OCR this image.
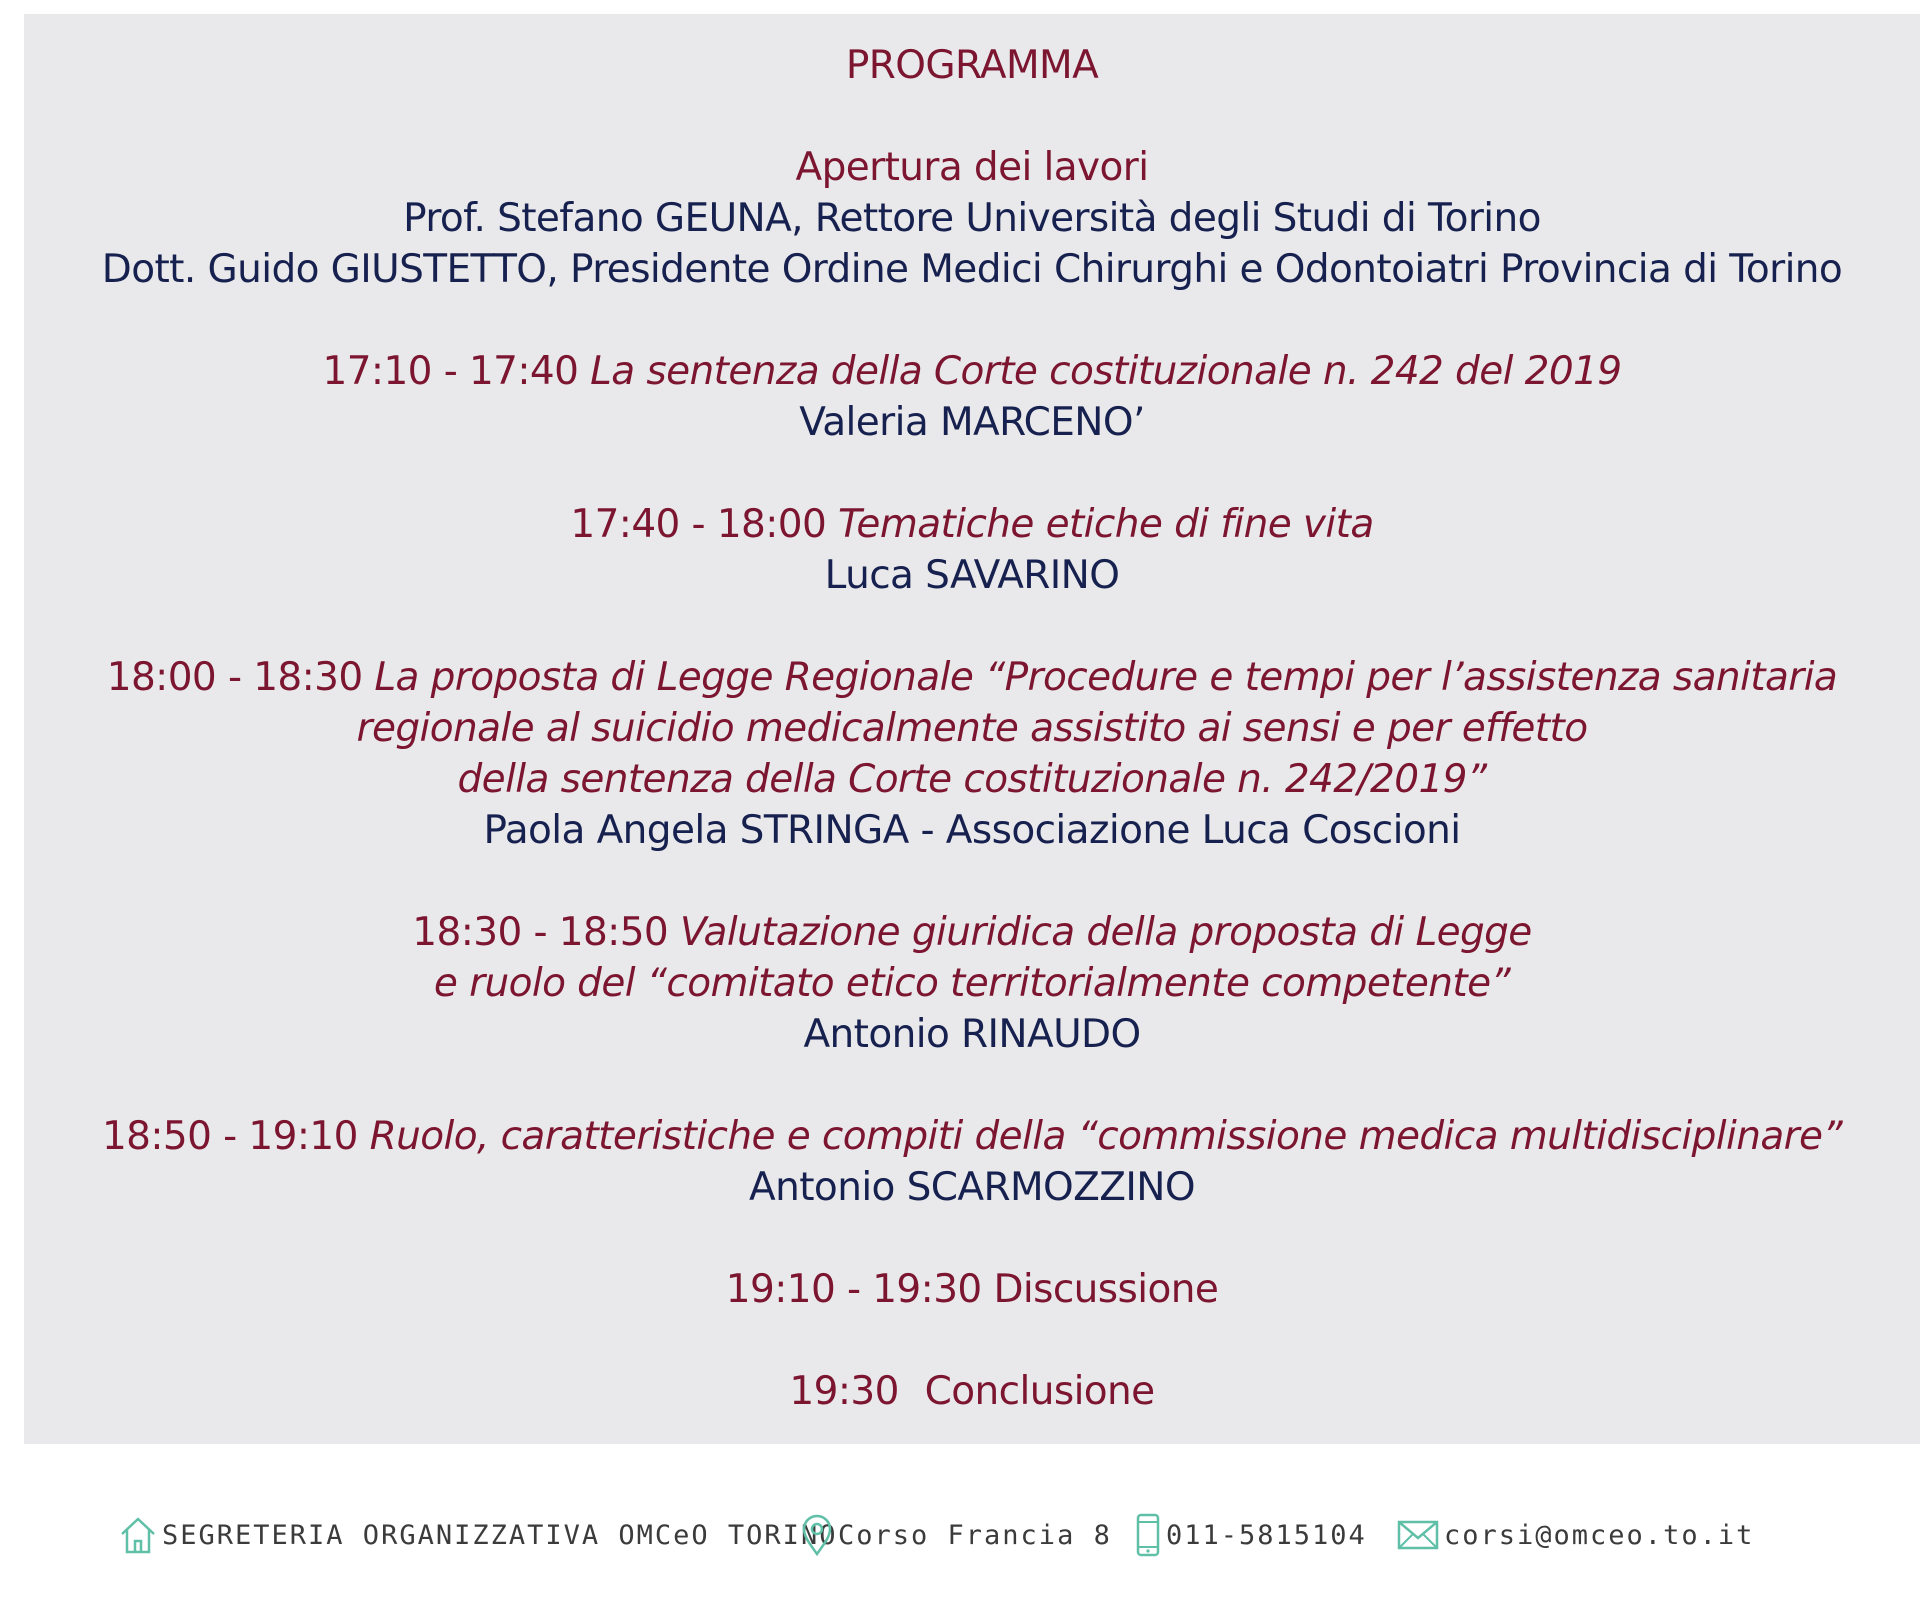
PROGRAMMA
Apertura dei lavori
Prof. Stefano GEUNA, Rettore Università degli Studi di Torino
Dott. Guido GIUSTETTO, Presidente Ordine Medici Chirurghi e Odontoiatri Provincia di Torino
17:10 - 17:40 La sentenza della Corte costituzionale n. 242 del 2019
Valeria MARCENO’
17:40 - 18:00 Tematiche etiche di fine vita
Luca SAVARINO
18:00 - 18:30 La proposta di Legge Regionale “Procedure e tempi per l’assistenza sanitaria
regionale al suicidio medicalmente assistito ai sensi e per effetto
della sentenza della Corte costituzionale n. 242/2019”
Paola Angela STRINGA - Associazione Luca Coscioni
18:30 - 18:50 Valutazione giuridica della proposta di Legge
e ruolo del “comitato etico territorialmente competente”
Antonio RINAUDO
18:50 - 19:10 Ruolo, caratteristiche e compiti della “commissione medica multidisciplinare”
Antonio SCARMOZZINO
19:10 - 19:30 Discussione
19:30 Conclusione
SEGRETERIA ORGANIZZATIVA OMCeO TORINO Corso Francia 8 011-5815104	corsi@omceo.to.it
